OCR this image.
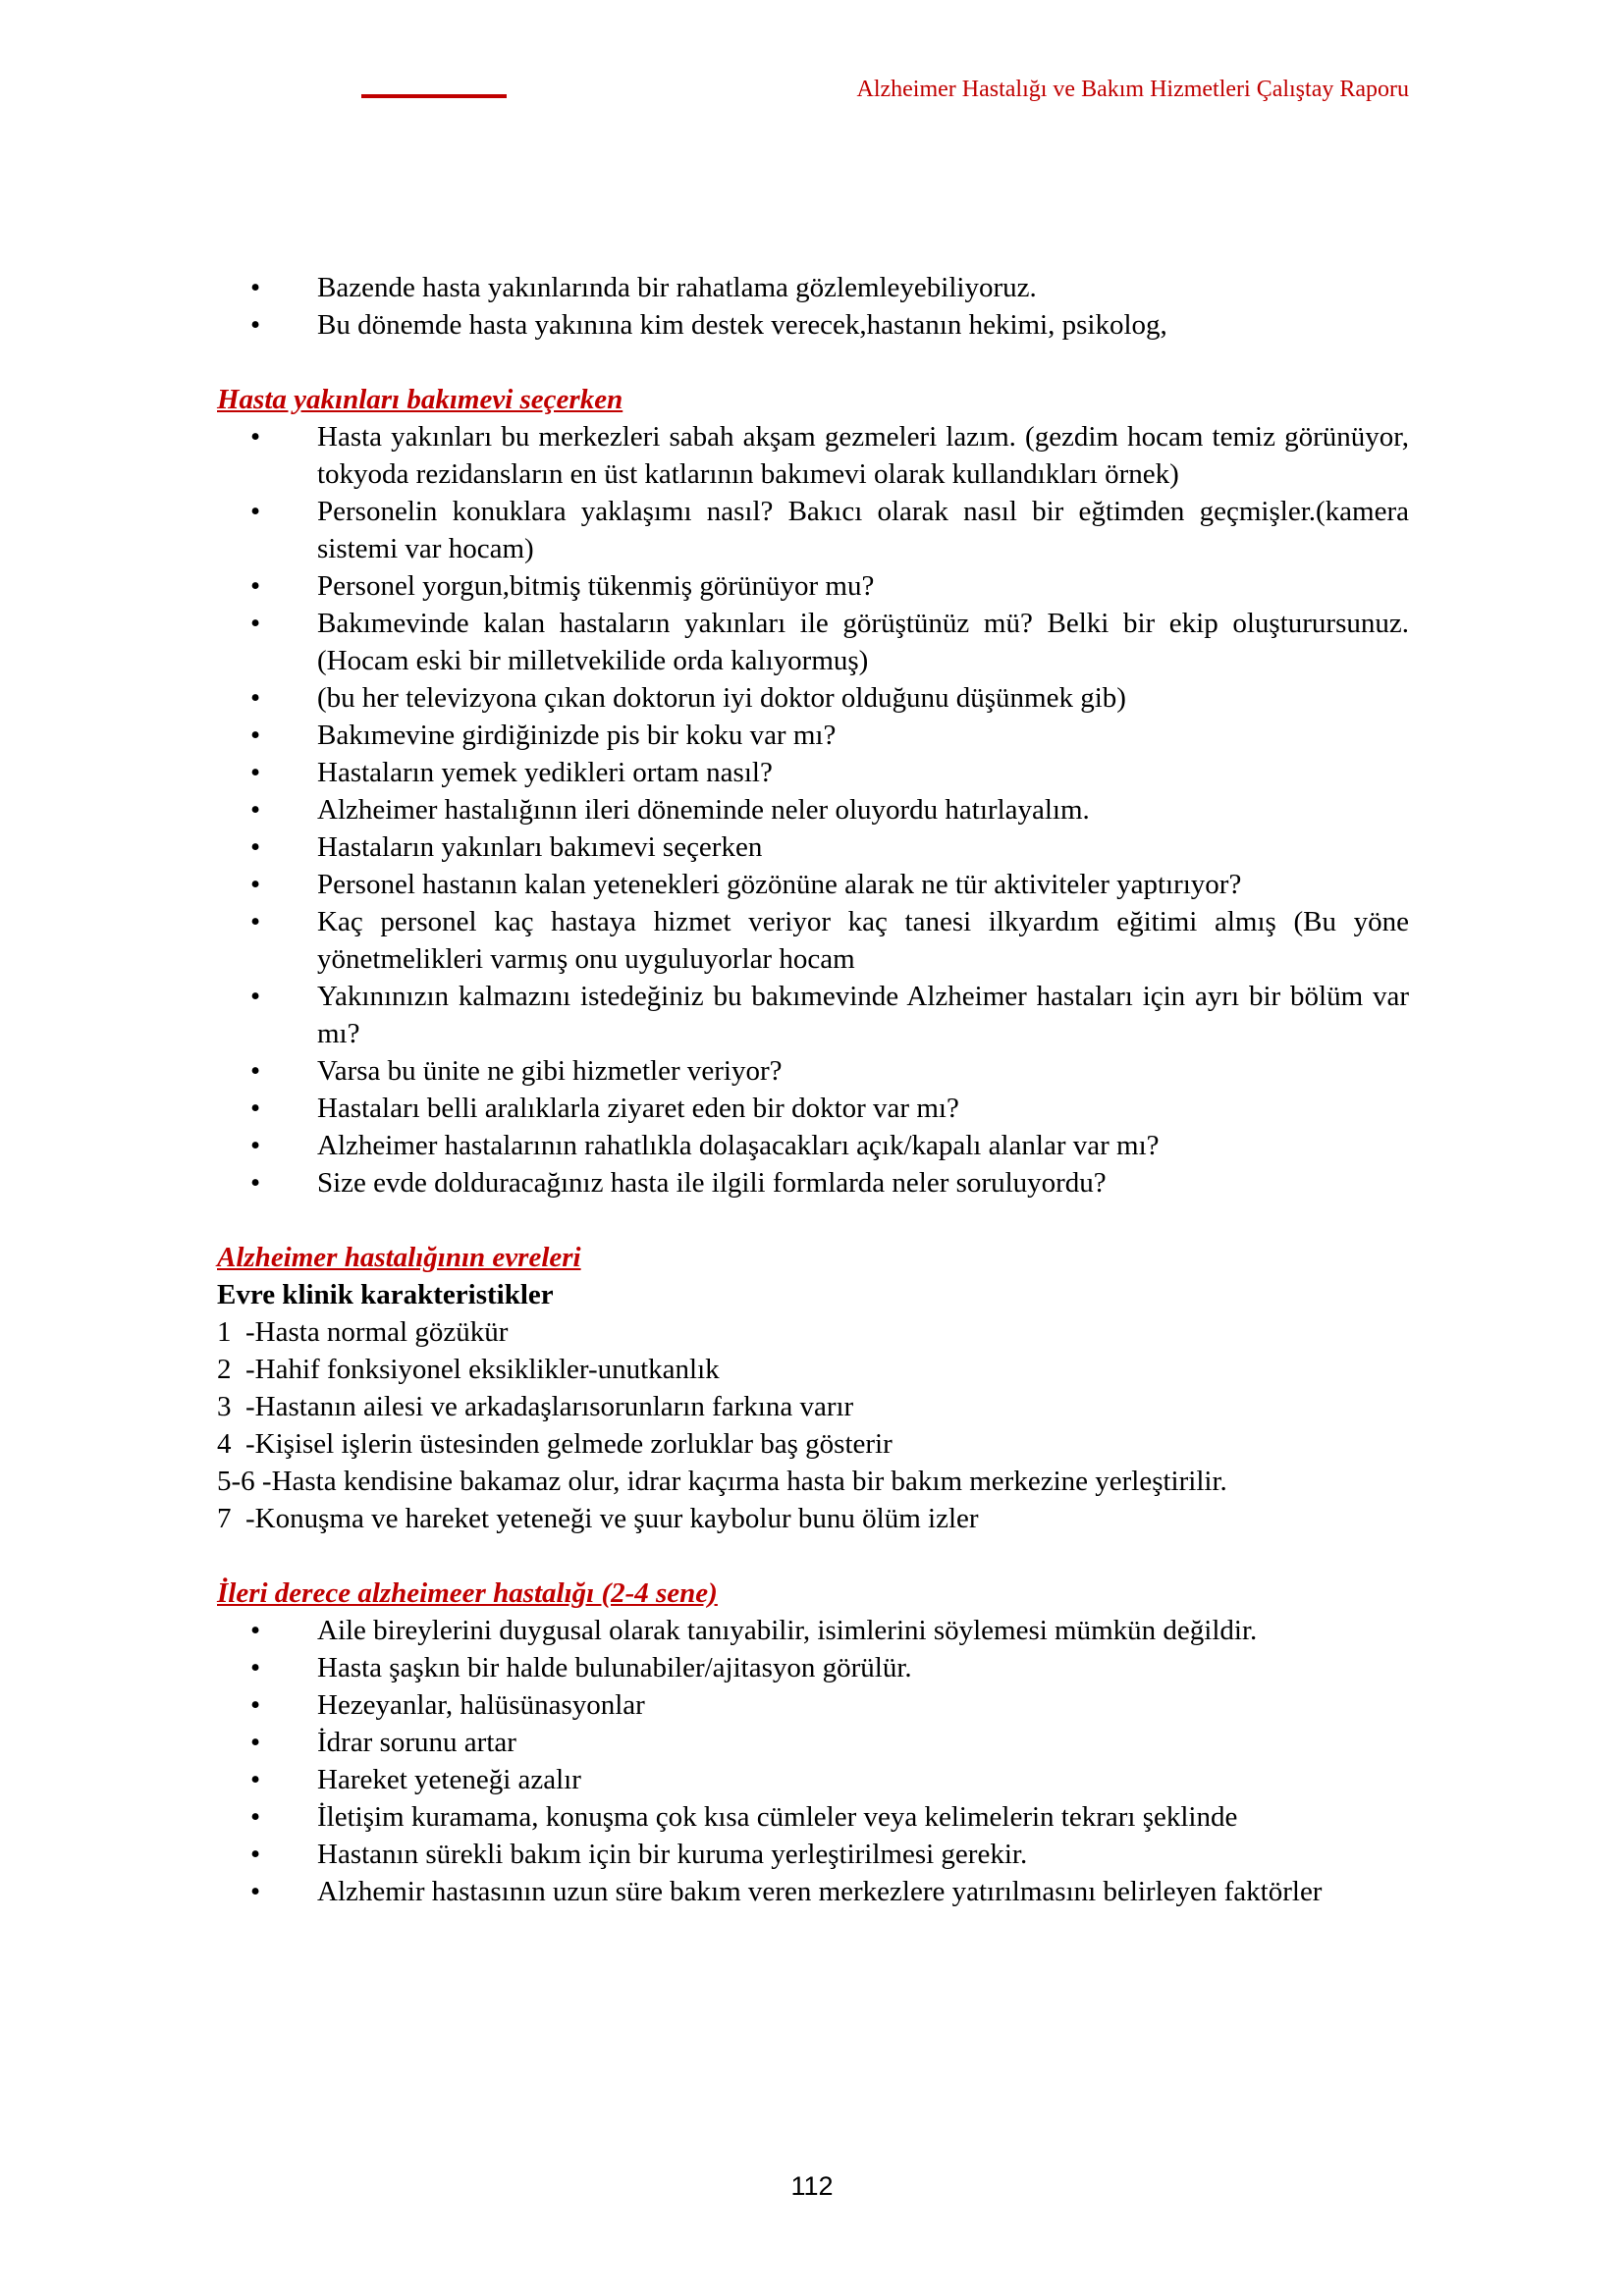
Alzheimer Hastalığı ve Bakım Hizmetleri Çalıştay Raporu
• Bazende hasta yakınlarında bir rahatlama gözlemleyebiliyoruz.
• Bu dönemde hasta yakınına kim destek verecek,hastanın hekimi, psikolog,
Hasta yakınları bakımevi seçerken
• Hasta yakınları bu merkezleri sabah akşam gezmeleri lazım. (gezdim hocam temiz görünüyor, tokyoda rezidansların en üst katlarının bakımevi olarak kullandıkları örnek)
• Personelin konuklara yaklaşımı nasıl? Bakıcı olarak nasıl bir eğtimden geçmişler.(kamera sistemi var hocam)
• Personel yorgun,bitmiş tükenmiş görünüyor mu?
• Bakımevinde kalan hastaların yakınları ile görüştünüz mü? Belki bir ekip oluşturursunuz. (Hocam eski bir milletvekilide orda kalıyormuş)
• (bu her televizyona çıkan doktorun iyi doktor olduğunu düşünmek gib)
• Bakımevine girdiğinizde pis bir koku var mı?
• Hastaların yemek yedikleri ortam nasıl?
• Alzheimer hastalığının ileri döneminde neler oluyordu hatırlayalım.
• Hastaların yakınları bakımevi seçerken
• Personel hastanın kalan yetenekleri gözönüne alarak ne tür aktiviteler yaptırıyor?
• Kaç personel kaç hastaya hizmet veriyor kaç tanesi ilkyardım eğitimi almış (Bu yöne yönetmelikleri varmış onu uyguluyorlar hocam
• Yakınınızın kalmazını istedeğiniz bu bakımevinde Alzheimer hastaları için ayrı bir bölüm var mı?
• Varsa bu ünite ne gibi hizmetler veriyor?
• Hastaları belli aralıklarla ziyaret eden bir doktor var mı?
• Alzheimer hastalarının rahatlıkla dolaşacakları açık/kapalı alanlar var mı?
• Size evde dolduracağınız hasta ile ilgili formlarda neler soruluyordu?
Alzheimer hastalığının evreleri
Evre klinik karakteristikler
1  -Hasta normal gözükür
2  -Hahif fonksiyonel eksiklikler-unutkanlık
3  -Hastanın ailesi ve arkadaşlarısorunların farkına varır
4  -Kişisel işlerin üstesinden gelmede zorluklar baş gösterir
5-6 -Hasta kendisine bakamaz olur, idrar kaçırma hasta bir bakım merkezine yerleştirilir.
7  -Konuşma ve hareket yeteneği ve şuur kaybolur bunu ölüm izler
İleri derece alzheimeer hastalığı (2-4 sene)
• Aile bireylerini duygusal olarak tanıyabilir, isimlerini söylemesi mümkün değildir.
• Hasta şaşkın bir halde bulunabiler/ajitasyon görülür.
• Hezeyanlar, halüsünasyonlar
• İdrar sorunu artar
• Hareket yeteneği azalır
• İletişim kuramama, konuşma çok kısa cümleler veya kelimelerin tekrarı şeklinde
• Hastanın sürekli bakım için bir kuruma yerleştirilmesi gerekir.
• Alzhemir hastasının uzun süre bakım veren merkezlere yatırılmasını belirleyen faktörler
112
